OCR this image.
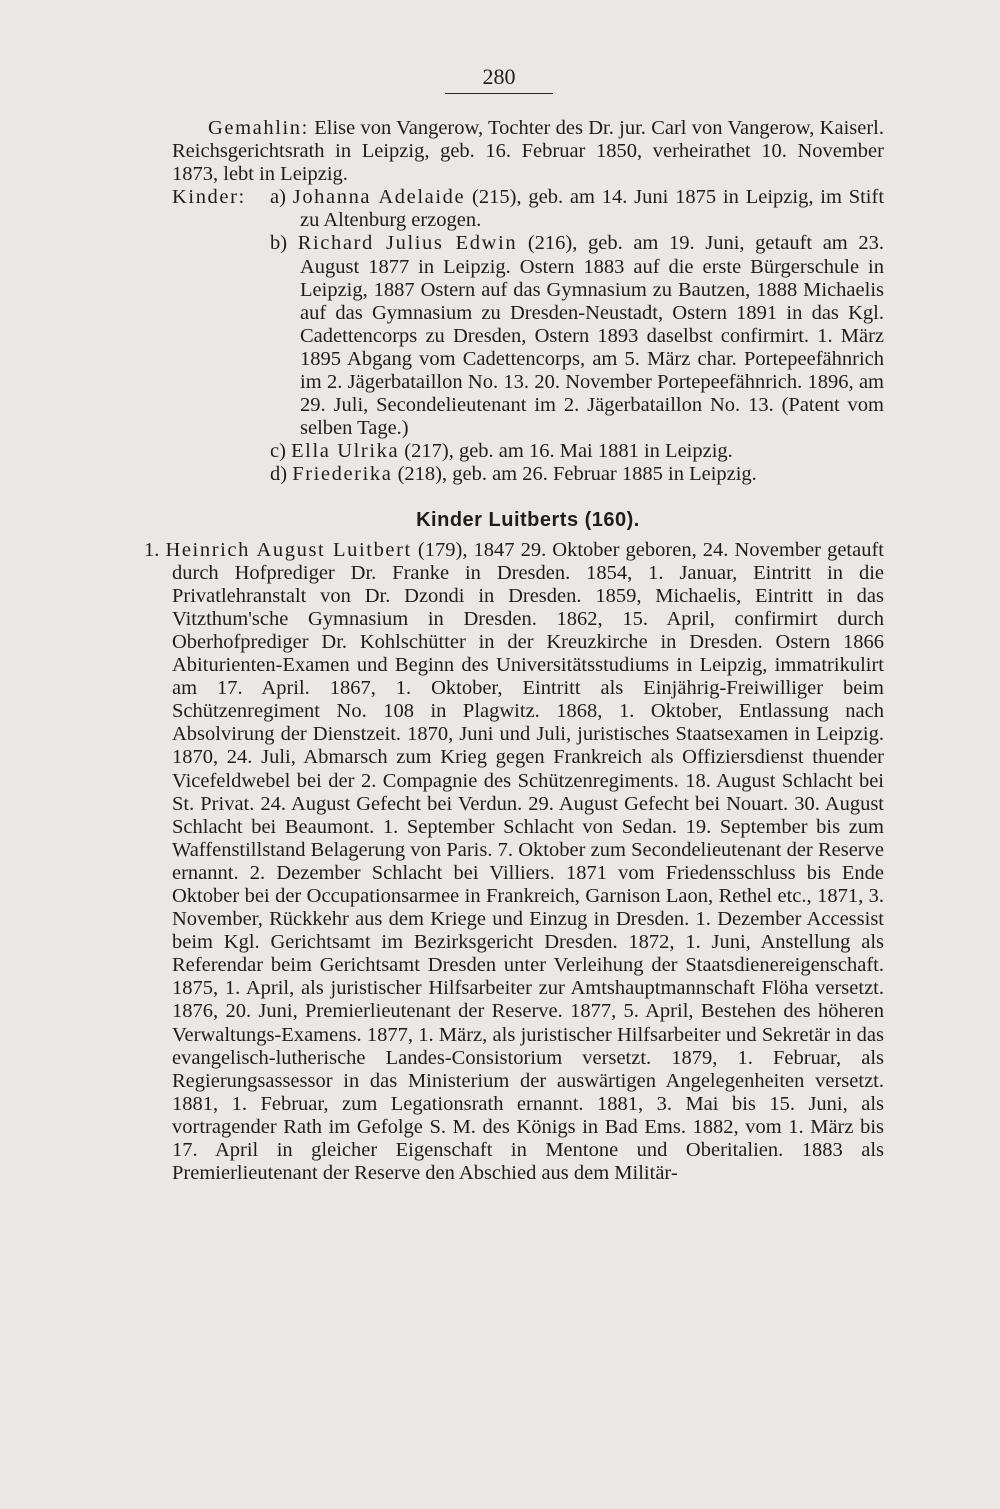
280
Gemahlin: Elise von Vangerow, Tochter des Dr. jur. Carl von Vangerow, Kaiserl. Reichsgerichtsrath in Leipzig, geb. 16. Februar 1850, verheirathet 10. November 1873, lebt in Leipzig.
Kinder:	a) Johanna Adelaide (215), geb. am 14. Juni 1875 in Leipzig, im Stift zu Altenburg erzogen.
b) Richard Julius Edwin (216), geb. am 19. Juni, getauft am 23. August 1877 in Leipzig. Ostern 1883 auf die erste Bürgerschule in Leipzig, 1887 Ostern auf das Gymnasium zu Bautzen, 1888 Michaelis auf das Gymnasium zu Dresden-Neustadt, Ostern 1891 in das Kgl. Cadettencorps zu Dresden, Ostern 1893 daselbst confirmirt. 1. März 1895 Abgang vom Cadettencorps, am 5. März char. Portepeefähnrich im 2. Jägerbataillon No. 13. 20. November Portepeefähnrich. 1896, am 29. Juli, Secondelieutenant im 2. Jägerbataillon No. 13. (Patent vom selben Tage.)
c) Ella Ulrika (217), geb. am 16. Mai 1881 in Leipzig.
d) Friederika (218), geb. am 26. Februar 1885 in Leipzig.
Kinder Luitberts (160).
1. Heinrich August Luitbert (179), 1847 29. Oktober geboren, 24. November getauft durch Hofprediger Dr. Franke in Dresden. 1854, 1. Januar, Eintritt in die Privatlehranstalt von Dr. Dzondi in Dresden. 1859, Michaelis, Eintritt in das Vitzthum'sche Gymnasium in Dresden. 1862, 15. April, confirmirt durch Oberhofprediger Dr. Kohlschütter in der Kreuzkirche in Dresden. Ostern 1866 Abiturienten-Examen und Beginn des Universitätsstudiums in Leipzig, immatrikulirt am 17. April. 1867, 1. Oktober, Eintritt als Einjährig-Freiwilliger beim Schützenregiment No. 108 in Plagwitz. 1868, 1. Oktober, Entlassung nach Absolvirung der Dienstzeit. 1870, Juni und Juli, juristisches Staatsexamen in Leipzig. 1870, 24. Juli, Abmarsch zum Krieg gegen Frankreich als Offiziersdienst thuender Vicefeldwebel bei der 2. Compagnie des Schützenregiments. 18. August Schlacht bei St. Privat. 24. August Gefecht bei Verdun. 29. August Gefecht bei Nouart. 30. August Schlacht bei Beaumont. 1. September Schlacht von Sedan. 19. September bis zum Waffenstillstand Belagerung von Paris. 7. Oktober zum Secondelieutenant der Reserve ernannt. 2. Dezember Schlacht bei Villiers. 1871 vom Friedensschluss bis Ende Oktober bei der Occupationsarmee in Frankreich, Garnison Laon, Rethel etc., 1871, 3. November, Rückkehr aus dem Kriege und Einzug in Dresden. 1. Dezember Accessist beim Kgl. Gerichtsamt im Bezirksgericht Dresden. 1872, 1. Juni, Anstellung als Referendar beim Gerichtsamt Dresden unter Verleihung der Staatsdienereigenschaft. 1875, 1. April, als juristischer Hilfsarbeiter zur Amtshauptmannschaft Flöha versetzt. 1876, 20. Juni, Premierlieutenant der Reserve. 1877, 5. April, Bestehen des höheren Verwaltungs-Examens. 1877, 1. März, als juristischer Hilfsarbeiter und Sekretär in das evangelisch-lutherische Landes-Consistorium versetzt. 1879, 1. Februar, als Regierungsassessor in das Ministerium der auswärtigen Angelegenheiten versetzt. 1881, 1. Februar, zum Legationsrath ernannt. 1881, 3. Mai bis 15. Juni, als vortragender Rath im Gefolge S. M. des Königs in Bad Ems. 1882, vom 1. März bis 17. April in gleicher Eigenschaft in Mentone und Oberitalien. 1883 als Premierlieutenant der Reserve den Abschied aus dem Militär-
